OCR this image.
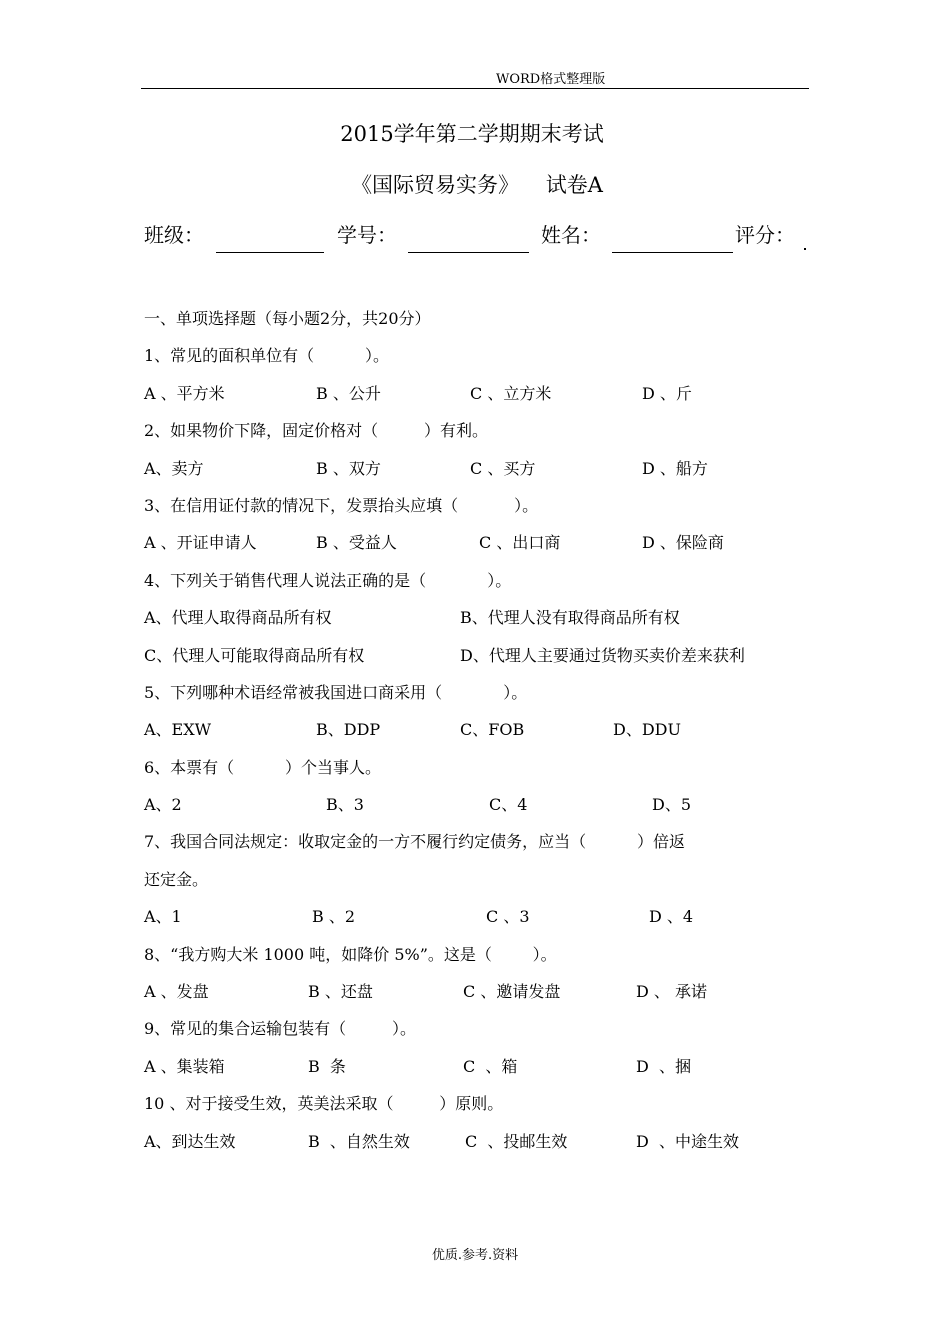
WORD格式整理版
2015学年第二学期期末考试
《国际贸易实务》    试卷A
班级：	学号：	姓名：	评分：
一、单项选择题（每小题2分，共20分）
1、常见的面积单位有（          ）。
A 、平方米	B 、公升	C 、立方米	D 、斤
2、如果物价下降，固定价格对（         ）有利。
A、卖方	B 、双方	C 、买方	D 、船方
3、在信用证付款的情况下，发票抬头应填（           ）。
A 、开证申请人	B 、受益人	C 、出口商	D 、保险商
4、下列关于销售代理人说法正确的是（            ）。
A、代理人取得商品所有权	B、代理人没有取得商品所有权
C、代理人可能取得商品所有权	D、代理人主要通过货物买卖价差来获利
5、下列哪种术语经常被我国进口商采用（            ）。
A、EXW	B、DDP	C、FOB	D、DDU
6、本票有（          ）个当事人。
A、2	B、3	C、4	D、5
7、我国合同法规定：收取定金的一方不履行约定债务，应当（          ）倍返
还定金。
A、1	B 、2	C 、3	D 、4
8、“我方购大米 1000 吨，如降价 5%”。这是（        ）。
A 、发盘	B 、还盘	C 、邀请发盘	D 、 承诺
9、常见的集合运输包装有（         ）。
A 、集装箱	B  条	C  、箱	D  、捆
10 、对于接受生效，英美法采取（         ）原则。
A、到达生效	B  、自然生效	C  、投邮生效	D  、中途生效
优质.参考.资料
